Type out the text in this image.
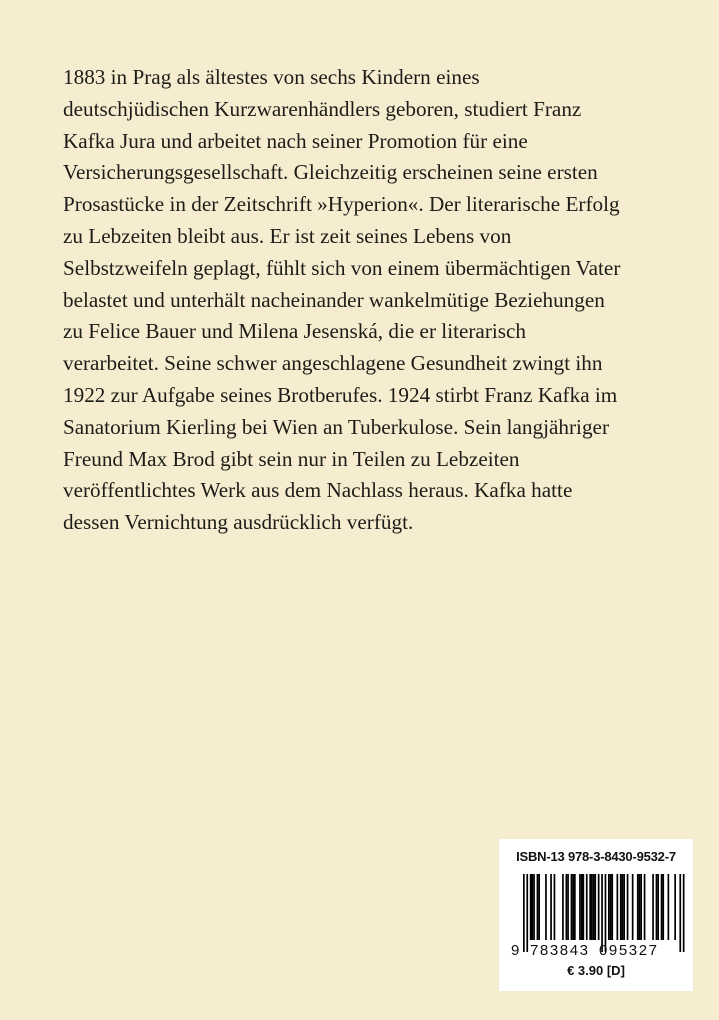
1883 in Prag als ältestes von sechs Kindern eines
deutschjüdischen Kurzwarenhändlers geboren, studiert Franz
Kafka Jura und arbeitet nach seiner Promotion für eine
Versicherungsgesellschaft. Gleichzeitig erscheinen seine ersten
Prosastücke in der Zeitschrift »Hyperion«. Der literarische Erfolg
zu Lebzeiten bleibt aus. Er ist zeit seines Lebens von
Selbstzweifeln geplagt, fühlt sich von einem übermächtigen Vater
belastet und unterhält nacheinander wankelmütige Beziehungen
zu Felice Bauer und Milena Jesenská, die er literarisch
verarbeitet. Seine schwer angeschlagene Gesundheit zwingt ihn
1922 zur Aufgabe seines Brotberufes. 1924 stirbt Franz Kafka im
Sanatorium Kierling bei Wien an Tuberkulose. Sein langjähriger
Freund Max Brod gibt sein nur in Teilen zu Lebzeiten
veröffentlichtes Werk aus dem Nachlass heraus. Kafka hatte
dessen Vernichtung ausdrücklich verfügt.
ISBN-13 978-3-8430-9532-7
9 783843 095327
€ 3.90 [D]
